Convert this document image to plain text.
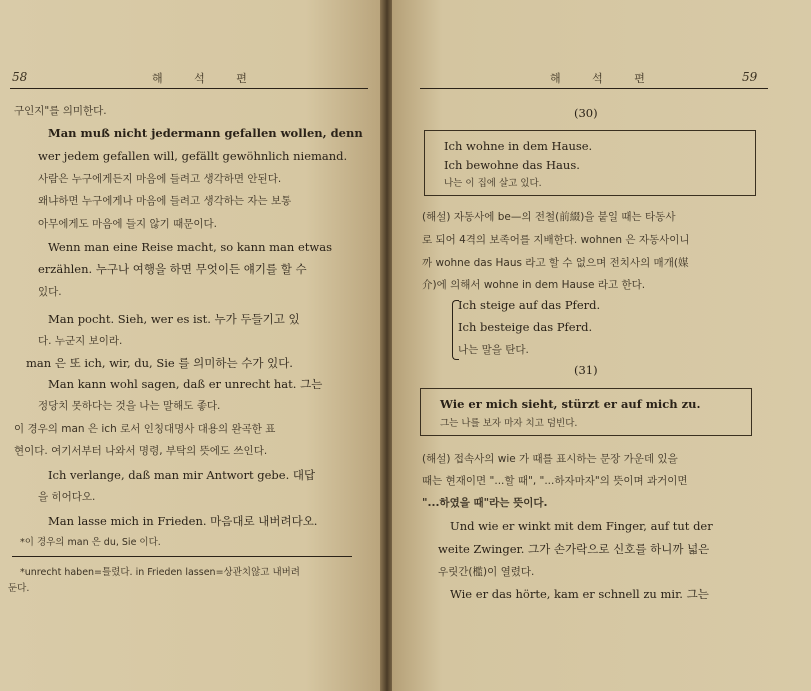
58	해 석 편
구인지"를 의미한다.
Man muß nicht jedermann gefallen wollen, denn
wer jedem gefallen will, gefällt gewöhnlich niemand.
사람은 누구에게든지 마음에 들려고 생각하면 안된다.
왜냐하면 누구에게나 마음에 들려고 생각하는 자는 보통
아무에게도 마음에 들지 않기 때문이다.
Wenn man eine Reise macht, so kann man etwas
erzählen. 누구나 여행을 하면 무엇이든 얘기를 할 수
있다.
Man pocht. Sieh, wer es ist. 누가 두들기고 있
다. 누군지 보이라.
man 은 또 ich, wir, du, Sie 를 의미하는 수가 있다.
Man kann wohl sagen, daß er unrecht hat. 그는
정당치 못하다는 것을 나는 말해도 좋다.
이 경우의 man 은 ich 로서 인칭대명사 대용의 완곡한 표
현이다. 여기서부터 나와서 명령, 부탁의 뜻에도 쓰인다.
Ich verlange, daß man mir Antwort gebe. 대답
을 히어다오.
Man lasse mich in Frieden. 마음대로 내버려다오.
*이 경우의 man 은 du, Sie 이다.
*unrecht haben=틀렸다. in Frieden lassen=상관치않고 내버려
둔다.
해 석 편	59
(30)
Ich wohne in dem Hause.
Ich bewohne das Haus.
나는 이 집에 살고 있다.
(해설) 자동사에 be—의 전철(前綴)을 붙일 때는 타동사
로 되어 4격의 보족어를 지배한다. wohnen 은 자동사이니
까 wohne das Haus 라고 할 수 없으며 전치사의 매개(媒
介)에 의해서 wohne in dem Hause 라고 한다.
Ich steige auf das Pferd.
Ich besteige das Pferd.
나는 말을 탄다.
(31)
Wie er mich sieht, stürzt er auf mich zu.
그는 나를 보자 마자 치고 덤빈다.
(해설) 접속사의 wie 가 때를 표시하는 문장 가운데 있을
때는 현재이면 "...할 때", "...하자마자"의 뜻이며 과거이면
"...하였을 때"라는 뜻이다.
Und wie er winkt mit dem Finger, auf tut der
weite Zwinger. 그가 손가락으로 신호를 하니까 넓은
우릿간(檻)이 열렸다.
Wie er das hörte, kam er schnell zu mir. 그는
